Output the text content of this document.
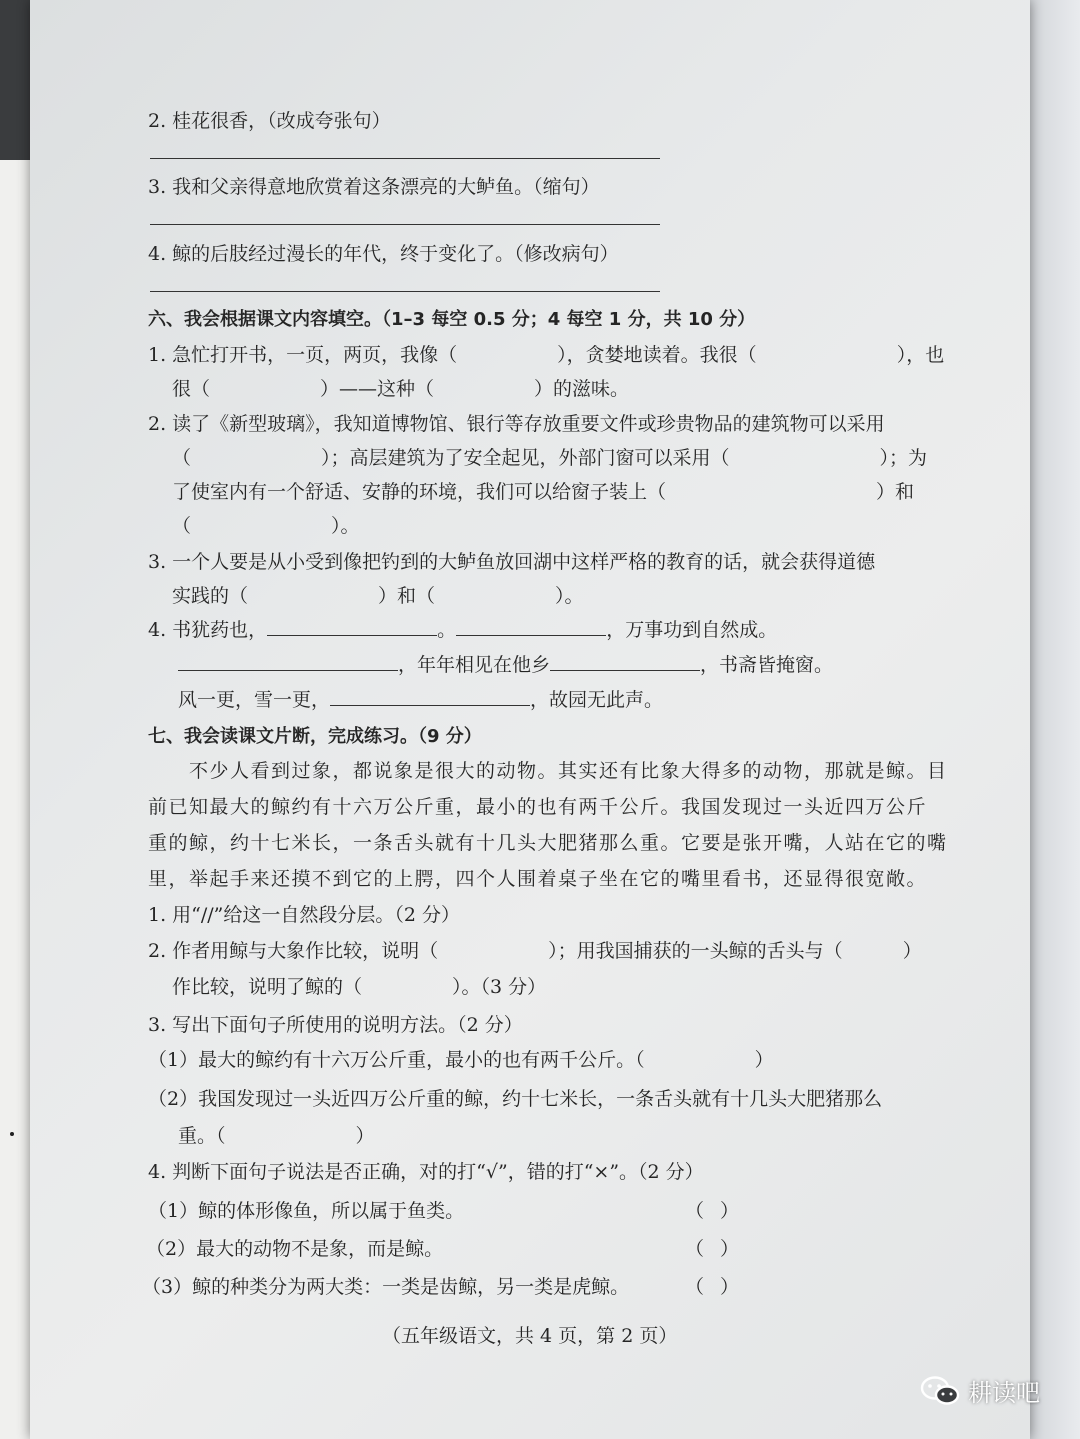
2. 桂花很香，（改成夸张句）
3. 我和父亲得意地欣赏着这条漂亮的大鲈鱼。（缩句）
4. 鲸的后肢经过漫长的年代，终于变化了。（修改病句）
六、我会根据课文内容填空。（1–3 每空 0.5 分；4 每空 1 分，共 10 分）
1. 急忙打开书，一页，两页，我像（	），贪婪地读着。我很（	），也
很（	）——这种（	）的滋味。
2. 读了《新型玻璃》，我知道博物馆、银行等存放重要文件或珍贵物品的建筑物可以采用
（	）；高层建筑为了安全起见，外部门窗可以采用（	）；为
了使室内有一个舒适、安静的环境，我们可以给窗子装上（	）和
（	）。
3. 一个人要是从小受到像把钓到的大鲈鱼放回湖中这样严格的教育的话，就会获得道德
实践的（	）和（	）。
4. 书犹药也，	。	，万事功到自然成。
，年年相见在他乡	，书斋皆掩窗。
风一更，雪一更，	，故园无此声。
七、我会读课文片断，完成练习。（9 分）
　　不少人看到过象，都说象是很大的动物。其实还有比象大得多的动物，那就是鲸。目
前已知最大的鲸约有十六万公斤重，最小的也有两千公斤。我国发现过一头近四万公斤
重的鲸，约十七米长，一条舌头就有十几头大肥猪那么重。它要是张开嘴，人站在它的嘴
里，举起手来还摸不到它的上腭，四个人围着桌子坐在它的嘴里看书，还显得很宽敞。
1. 用“//”给这一自然段分层。（2 分）
2. 作者用鲸与大象作比较，说明（	）；用我国捕获的一头鲸的舌头与（	）
作比较，说明了鲸的（	）。（3 分）
3. 写出下面句子所使用的说明方法。（2 分）
（1）最大的鲸约有十六万公斤重，最小的也有两千公斤。（	）
（2）我国发现过一头近四万公斤重的鲸，约十七米长，一条舌头就有十几头大肥猪那么
重。（	）
4. 判断下面句子说法是否正确，对的打“√”，错的打“×”。（2 分）
（1）鲸的体形像鱼，所以属于鱼类。	（ ）
（2）最大的动物不是象，而是鲸。	（ ）
（3）鲸的种类分为两大类：一类是齿鲸，另一类是虎鲸。	（ ）
（五年级语文，共 4 页，第 2 页）
耕读吧
